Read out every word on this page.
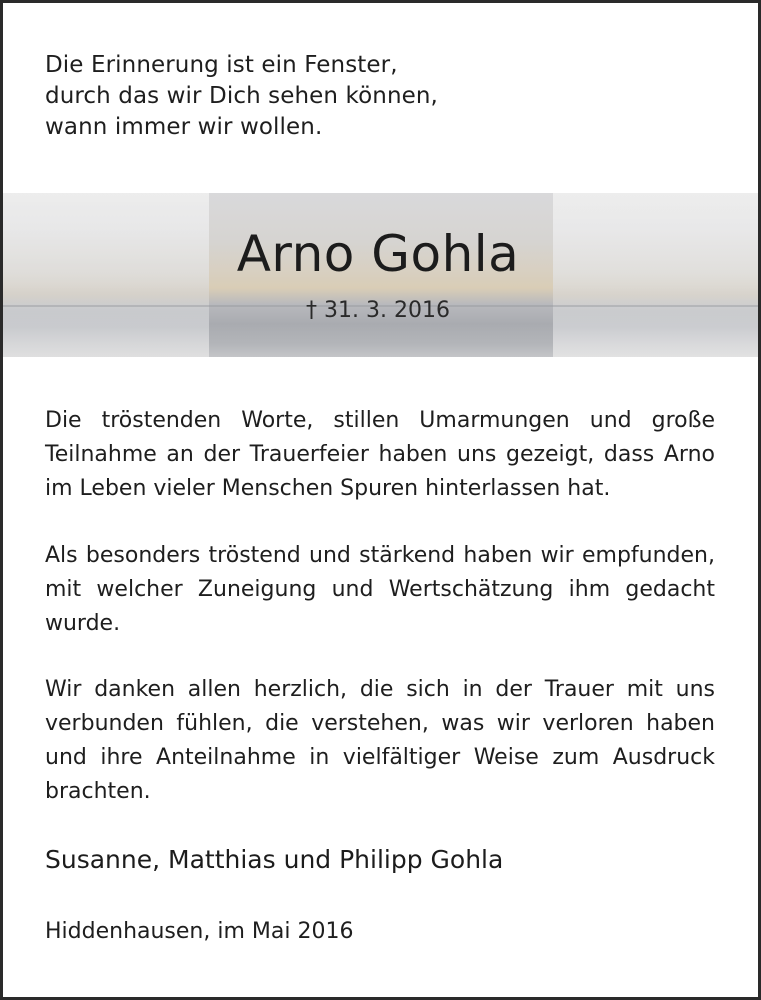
Die Erinnerung ist ein Fenster,
durch das wir Dich sehen können,
wann immer wir wollen.
Arno Gohla
† 31. 3. 2016
Die tröstenden Worte, stillen Umarmungen und große Teilnahme an der Trauerfeier haben uns gezeigt, dass Arno im Leben vieler Menschen Spuren hinterlassen hat.
Als besonders tröstend und stärkend haben wir empfunden, mit welcher Zuneigung und Wertschätzung ihm gedacht wurde.
Wir danken allen herzlich, die sich in der Trauer mit uns verbunden fühlen, die verstehen, was wir verloren haben und ihre Anteilnahme in vielfältiger Weise zum Ausdruck brachten.
Susanne, Matthias und Philipp Gohla
Hiddenhausen, im Mai 2016
